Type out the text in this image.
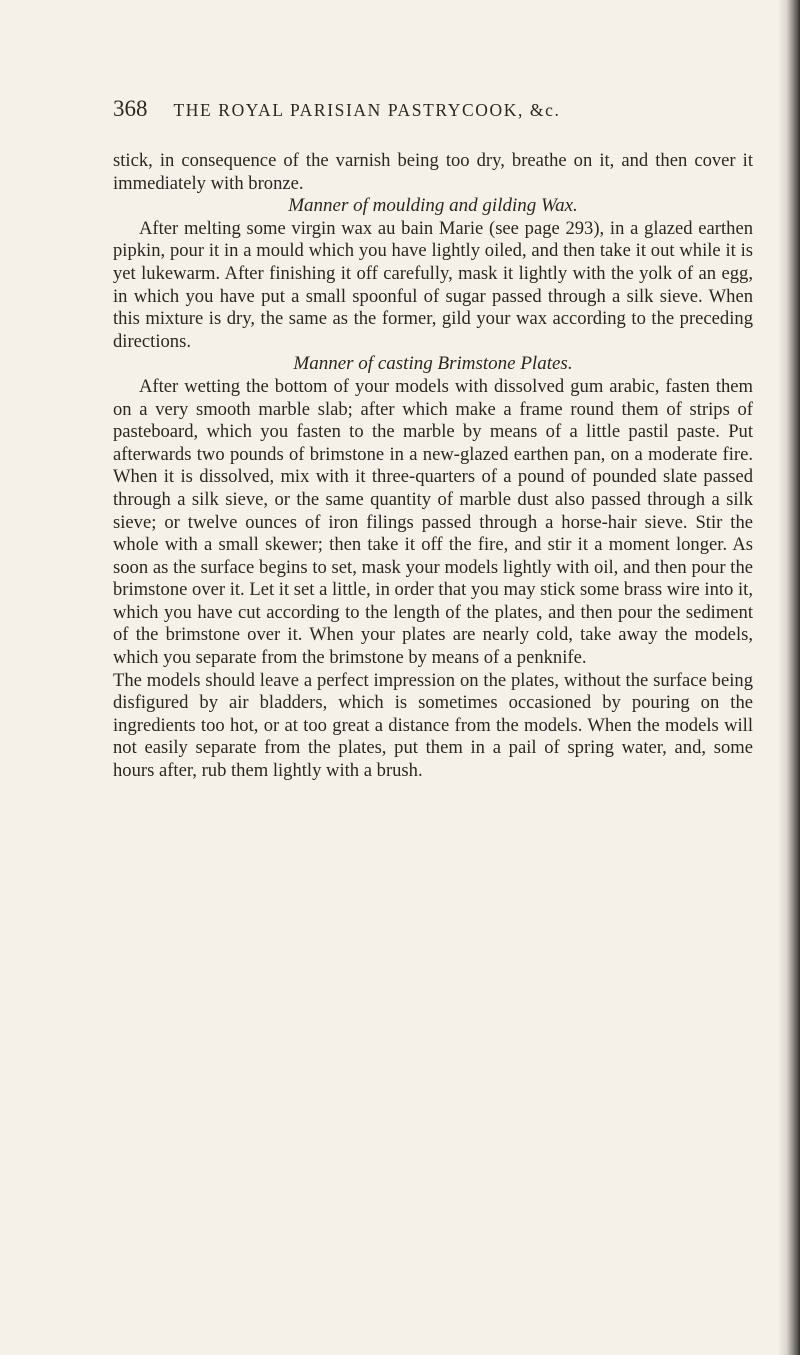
368 THE ROYAL PARISIAN PASTRYCOOK, &c.

stick, in consequence of the varnish being too dry, breathe on it, and then cover it immediately with bronze.

Manner of moulding and gilding Wax.

After melting some virgin wax au bain Marie (see page 293), in a glazed earthen pipkin, pour it in a mould which you have lightly oiled, and then take it out while it is yet lukewarm. After finishing it off carefully, mask it lightly with the yolk of an egg, in which you have put a small spoonful of sugar passed through a silk sieve. When this mixture is dry, the same as the former, gild your wax according to the preceding directions.

Manner of casting Brimstone Plates.

After wetting the bottom of your models with dissolved gum arabic, fasten them on a very smooth marble slab; after which make a frame round them of strips of pasteboard, which you fasten to the marble by means of a little pastil paste. Put afterwards two pounds of brimstone in a new-glazed earthen pan, on a moderate fire. When it is dissolved, mix with it three-quarters of a pound of pounded slate passed through a silk sieve, or the same quantity of marble dust also passed through a silk sieve; or twelve ounces of iron filings passed through a horse-hair sieve. Stir the whole with a small skewer; then take it off the fire, and stir it a moment longer. As soon as the surface begins to set, mask your models lightly with oil, and then pour the brimstone over it. Let it set a little, in order that you may stick some brass wire into it, which you have cut according to the length of the plates, and then pour the sediment of the brimstone over it. When your plates are nearly cold, take away the models, which you separate from the brimstone by means of a penknife.

The models should leave a perfect impression on the plates, without the surface being disfigured by air bladders, which is sometimes occasioned by pouring on the ingredients too hot, or at too great a distance from the models. When the models will not easily separate from the plates, put them in a pail of spring water, and, some hours after, rub them lightly with a brush.
